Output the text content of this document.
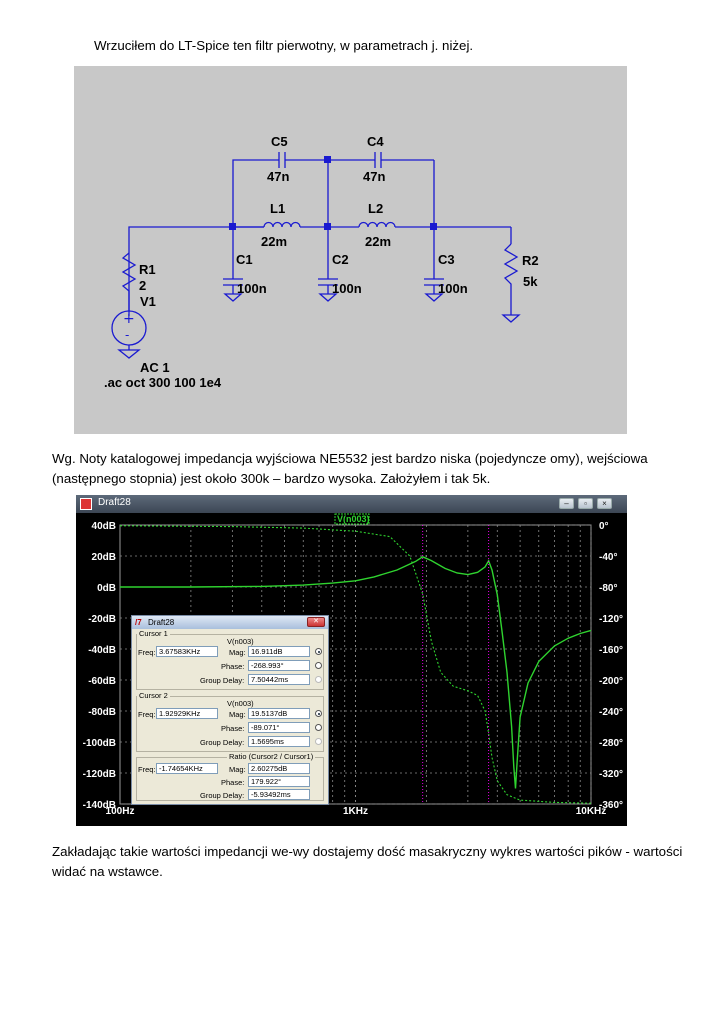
Wrzuciłem do LT-Spice ten filtr pierwotny, w parametrach j. niżej.
+
-
C5
47n
C4
47n
L1
22m
L2
22m
C1
100n
C2
100n
C3
100n
R1
2
V1
R2
5k
AC 1
.ac oct 300 100 1e4
Wg. Noty katalogowej impedancja wyjściowa NE5532 jest bardzo niska (pojedyncze omy), wejściowa (następnego stopnia) jest około 300k – bardzo wysoka. Założyłem i tak 5k.
Draft28	–	▫	×
V(n003)
40dB	0°
20dB	-40°
0dB	-80°
-20dB	-120°
-40dB	-160°
-60dB	-200°
-80dB	-240°
-100dB	-280°
-120dB	-320°
-140dB	-360°
100Hz	1KHz	10KHz
/7 Draft28	✕
Cursor 1
V(n003)
Freq: 3.67583KHz	Mag: 16.911dB
Phase: -268.993°
Group Delay: 7.50442ms
Cursor 2
V(n003)
Freq: 1.92929KHz	Mag: 19.5137dB
Phase: -89.071°
Group Delay: 1.5695ms
Ratio (Cursor2 / Cursor1)
Freq: -1.74654KHz	Mag: 2.60275dB
Phase: 179.922°
Group Delay: -5.93492ms
Zakładając takie wartości impedancji we-wy dostajemy dość masakryczny wykres wartości pików - wartości widać na wstawce.
